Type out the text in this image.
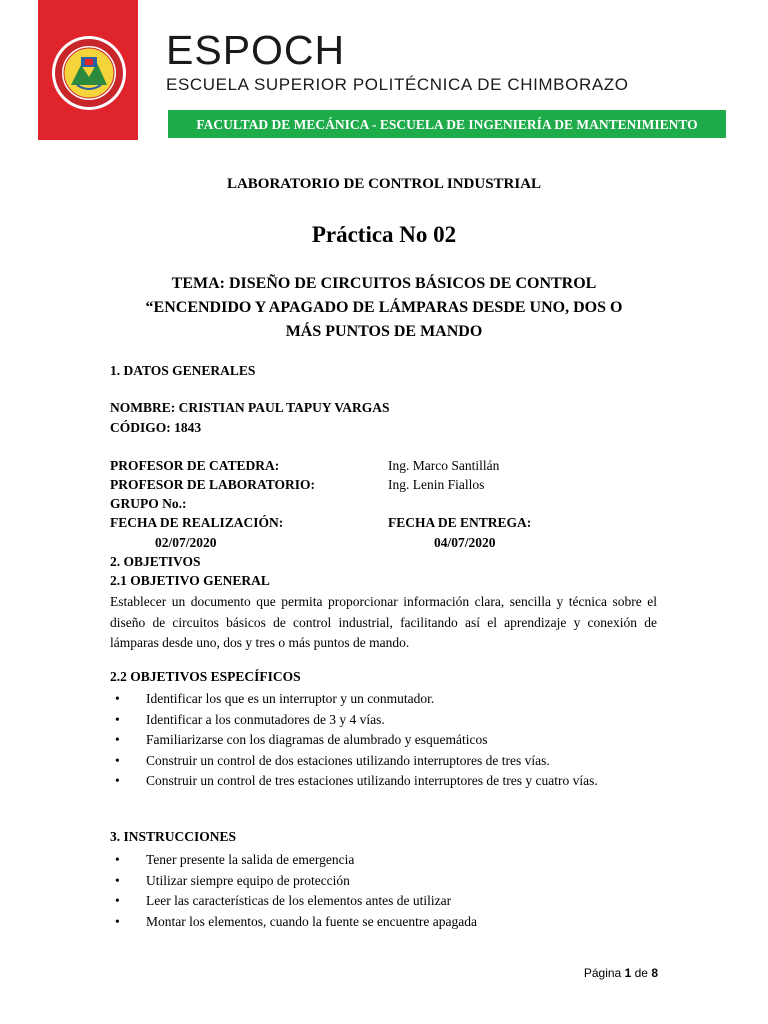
ESPOCH
ESCUELA SUPERIOR POLITÉCNICA DE CHIMBORAZO
FACULTAD DE MECÁNICA - ESCUELA DE INGENIERÍA DE MANTENIMIENTO
LABORATORIO DE CONTROL INDUSTRIAL
Práctica No 02
TEMA: DISEÑO DE CIRCUITOS BÁSICOS DE CONTROL
“ENCENDIDO Y APAGADO DE LÁMPARAS DESDE UNO, DOS O
MÁS PUNTOS DE MANDO
1. DATOS GENERALES
NOMBRE: CRISTIAN PAUL TAPUY VARGAS
CÓDIGO: 1843
PROFESOR DE CATEDRA:	Ing. Marco Santillán
PROFESOR DE LABORATORIO:	Ing. Lenin Fiallos
GRUPO No.:
FECHA DE REALIZACIÓN:	FECHA DE ENTREGA:
02/07/2020	04/07/2020
2. OBJETIVOS
2.1 OBJETIVO GENERAL
Establecer un documento que permita proporcionar información clara, sencilla y técnica sobre el diseño de circuitos básicos de control industrial, facilitando así el aprendizaje y conexión de lámparas desde uno, dos y tres o más puntos de mando.
2.2 OBJETIVOS ESPECÍFICOS
• Identificar los que es un interruptor y un conmutador.
• Identificar a los conmutadores de 3 y 4 vías.
• Familiarizarse con los diagramas de alumbrado y esquemáticos
• Construir un control de dos estaciones utilizando interruptores de tres vías.
• Construir un control de tres estaciones utilizando interruptores de tres y cuatro vías.
3. INSTRUCCIONES
• Tener presente la salida de emergencia
• Utilizar siempre equipo de protección
• Leer las características de los elementos antes de utilizar
• Montar los elementos, cuando la fuente se encuentre apagada
Página 1 de 8
